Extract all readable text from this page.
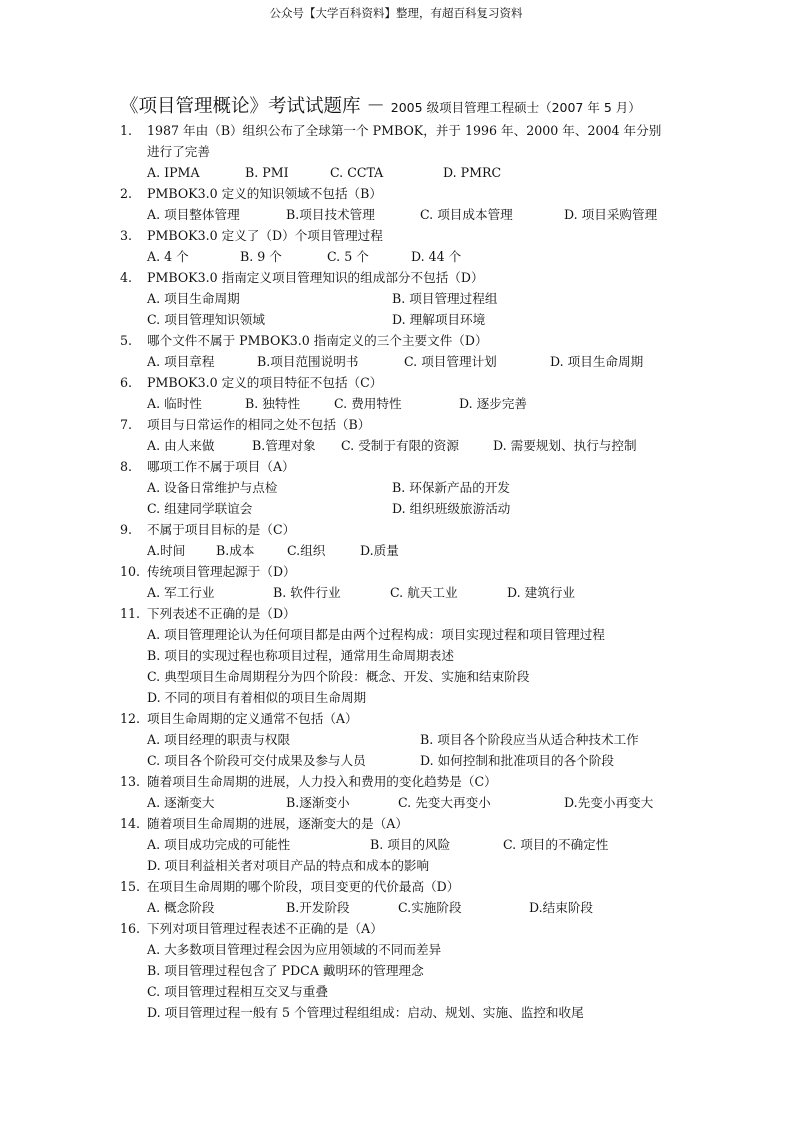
公众号【大学百科资料】整理，有超百科复习资料
《项目管理概论》考试试题库 － 2005 级项目管理工程硕士（2007 年 5 月）
1. 1987 年由（B）组织公布了全球第一个 PMBOK，并于 1996 年、2000 年、2004 年分别
进行了完善
A. IPMA	B. PMI	C. CCTA	D. PMRC
2. PMBOK3.0 定义的知识领域不包括（B）
A. 项目整体管理	B.项目技术管理	C. 项目成本管理	D. 项目采购管理
3. PMBOK3.0 定义了（D）个项目管理过程
A. 4 个	B. 9 个	C. 5 个	D. 44 个
4. PMBOK3.0 指南定义项目管理知识的组成部分不包括（D）
A. 项目生命周期	B. 项目管理过程组
C. 项目管理知识领域	D. 理解项目环境
5. 哪个文件不属于 PMBOK3.0 指南定义的三个主要文件（D）
A. 项目章程	B.项目范围说明书	C. 项目管理计划	D. 项目生命周期
6. PMBOK3.0 定义的项目特征不包括（C）
A. 临时性	B. 独特性	C. 费用特性	D. 逐步完善
7. 项目与日常运作的相同之处不包括（B）
A. 由人来做	B.管理对象 C. 受制于有限的资源	D. 需要规划、执行与控制
8. 哪项工作不属于项目（A）
A. 设备日常维护与点检	B. 环保新产品的开发
C. 组建同学联谊会	D. 组织班级旅游活动
9. 不属于项目目标的是（C）
A.时间 B.成本	C.组织	D.质量
10. 传统项目管理起源于（D）
A. 军工行业	B. 软件行业	C. 航天工业	D. 建筑行业
11. 下列表述不正确的是（D）
A. 项目管理理论认为任何项目都是由两个过程构成：项目实现过程和项目管理过程
B. 项目的实现过程也称项目过程，通常用生命周期表述
C. 典型项目生命周期程分为四个阶段：概念、开发、实施和结束阶段
D. 不同的项目有着相似的项目生命周期
12. 项目生命周期的定义通常不包括（A）
A. 项目经理的职责与权限	B. 项目各个阶段应当从适合种技术工作
C. 项目各个阶段可交付成果及参与人员	D. 如何控制和批准项目的各个阶段
13. 随着项目生命周期的进展，人力投入和费用的变化趋势是（C）
A. 逐渐变大	B.逐渐变小	C. 先变大再变小	D.先变小再变大
14. 随着项目生命周期的进展，逐渐变大的是（A）
A. 项目成功完成的可能性	B. 项目的风险	C. 项目的不确定性
D. 项目利益相关者对项目产品的特点和成本的影响
15. 在项目生命周期的哪个阶段，项目变更的代价最高（D）
A. 概念阶段	B.开发阶段	C.实施阶段	D.结束阶段
16. 下列对项目管理过程表述不正确的是（A）
A. 大多数项目管理过程会因为应用领域的不同而差异
B. 项目管理过程包含了 PDCA 戴明环的管理理念
C. 项目管理过程相互交叉与重叠
D. 项目管理过程一般有 5 个管理过程组组成：启动、规划、实施、监控和收尾
